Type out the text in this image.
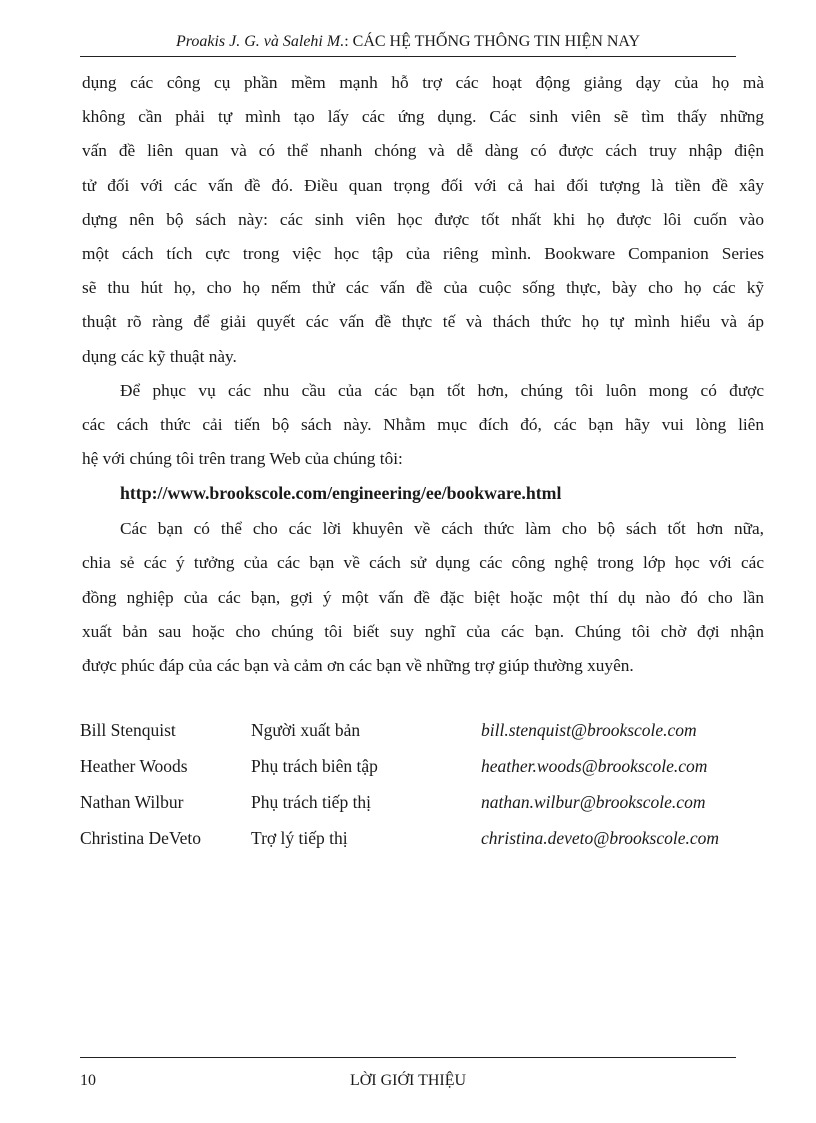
Proakis J. G. và Salehi M.: CÁC HỆ THỐNG THÔNG TIN HIỆN NAY
dụng các công cụ phần mềm mạnh hỗ trợ các hoạt động giảng dạy của họ mà
không cần phải tự mình tạo lấy các ứng dụng. Các sinh viên sẽ tìm thấy những
vấn đề liên quan và có thể nhanh chóng và dễ dàng có được cách truy nhập điện
tử đối với các vấn đề đó. Điều quan trọng đối với cả hai đối tượng là tiền đề xây
dựng nên bộ sách này: các sinh viên học được tốt nhất khi họ được lôi cuốn vào
một cách tích cực trong việc học tập của riêng mình. Bookware Companion Series
sẽ thu hút họ, cho họ nếm thử các vấn đề của cuộc sống thực, bày cho họ các kỹ
thuật rõ ràng để giải quyết các vấn đề thực tế và thách thức họ tự mình hiểu và áp
dụng các kỹ thuật này.
Để phục vụ các nhu cầu của các bạn tốt hơn, chúng tôi luôn mong có được
các cách thức cải tiến bộ sách này. Nhằm mục đích đó, các bạn hãy vui lòng liên
hệ với chúng tôi trên trang Web của chúng tôi:
http://www.brookscole.com/engineering/ee/bookware.html
Các bạn có thể cho các lời khuyên về cách thức làm cho bộ sách tốt hơn nữa,
chia sẻ các ý tưởng của các bạn về cách sử dụng các công nghệ trong lớp học với các
đồng nghiệp của các bạn, gợi ý một vấn đề đặc biệt hoặc một thí dụ nào đó cho lần
xuất bản sau hoặc cho chúng tôi biết suy nghĩ của các bạn. Chúng tôi chờ đợi nhận
được phúc đáp của các bạn và cảm ơn các bạn về những trợ giúp thường xuyên.
Bill Stenquist	Người xuất bản	bill.stenquist@brookscole.com
Heather Woods	Phụ trách biên tập	heather.woods@brookscole.com
Nathan Wilbur	Phụ trách tiếp thị	nathan.wilbur@brookscole.com
Christina DeVeto	Trợ lý tiếp thị	christina.deveto@brookscole.com
10	LỜI GIỚI THIỆU
